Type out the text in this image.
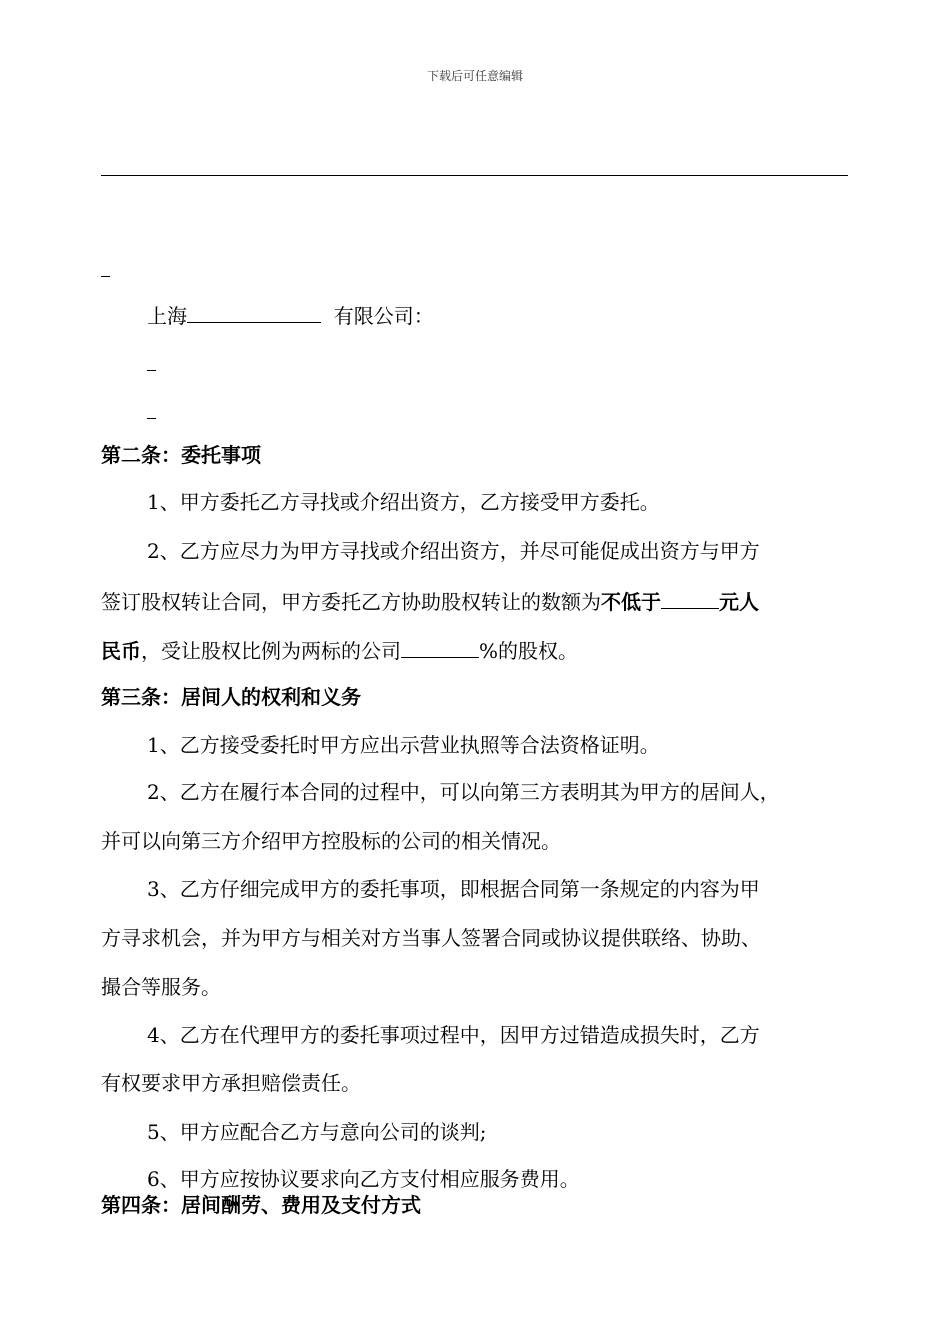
下载后可任意编辑
上海	有限公司：
第二条：委托事项
1、甲方委托乙方寻找或介绍出资方，乙方接受甲方委托。
2、乙方应尽力为甲方寻找或介绍出资方，并尽可能促成出资方与甲方
签订股权转让合同，甲方委托乙方协助股权转让的数额为不低于	元人
民币，受让股权比例为两标的公司	%的股权。
第三条：居间人的权利和义务
1、乙方接受委托时甲方应出示营业执照等合法资格证明。
2、乙方在履行本合同的过程中，可以向第三方表明其为甲方的居间人，
并可以向第三方介绍甲方控股标的公司的相关情况。
3、乙方仔细完成甲方的委托事项，即根据合同第一条规定的内容为甲
方寻求机会，并为甲方与相关对方当事人签署合同或协议提供联络、协助、
撮合等服务。
4、乙方在代理甲方的委托事项过程中，因甲方过错造成损失时，乙方
有权要求甲方承担赔偿责任。
5、甲方应配合乙方与意向公司的谈判;
6、甲方应按协议要求向乙方支付相应服务费用。
第四条：居间酬劳、费用及支付方式
